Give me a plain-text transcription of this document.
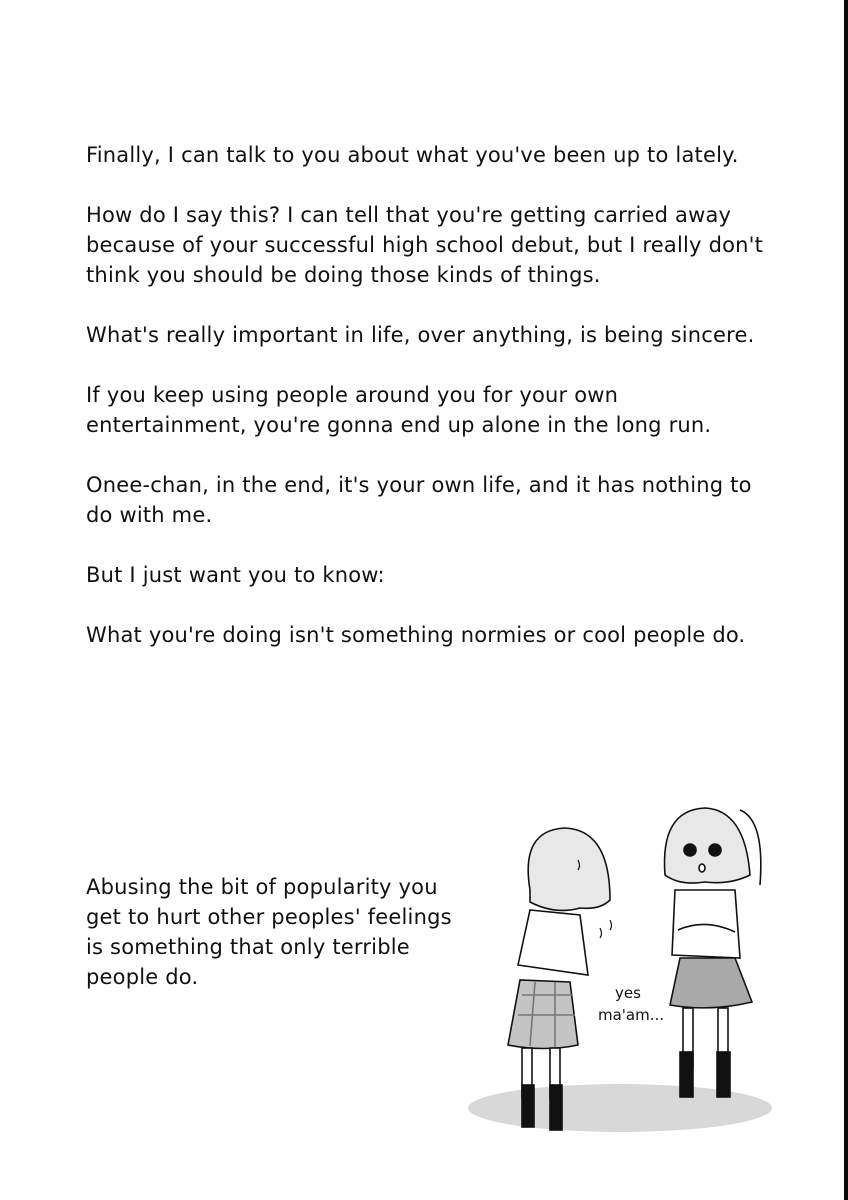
Finally, I can talk to you about what you've been up to lately.

How do I say this? I can tell that you're getting carried away because of your successful high school debut, but I really don't think you should be doing those kinds of things.

What's really important in life, over anything, is being sincere.

If you keep using people around you for your own entertainment, you're gonna end up alone in the long run.

Onee-chan, in the end, it's your own life, and it has nothing to do with me.

But I just want you to know:

What you're doing isn't something normies or cool people do.

Abusing the bit of popularity you get to hurt other peoples' feelings is something that only terrible people do.
yes ma'am...
